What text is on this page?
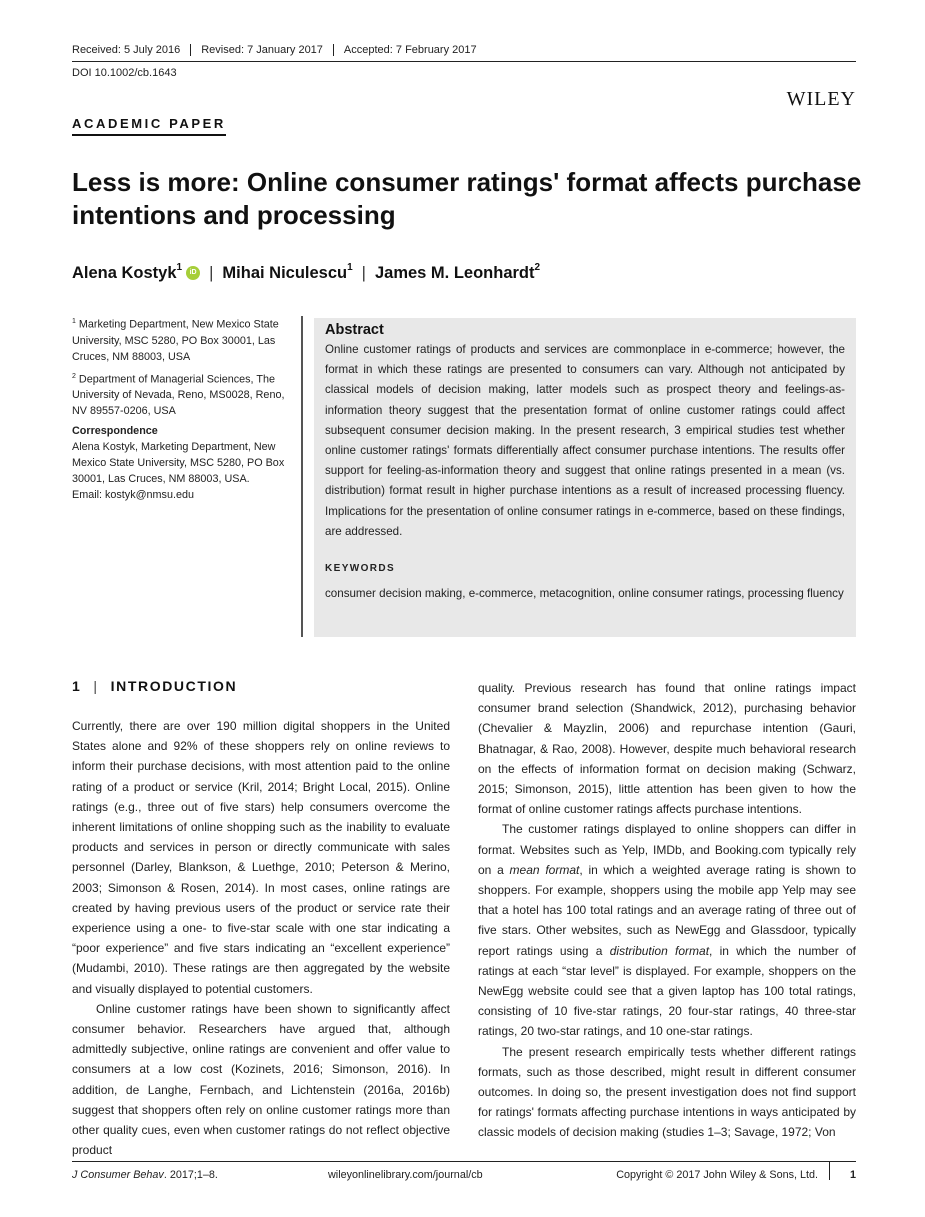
Received: 5 July 2016	Revised: 7 January 2017	Accepted: 7 February 2017
DOI 10.1002/cb.1643
WILEY
ACADEMIC PAPER
Less is more: Online consumer ratings' format affects purchase intentions and processing
Alena Kostyk$^1$	iD | Mihai Niculescu$^1$ | James M. Leonhardt$^2$

$^1$ Marketing Department, New Mexico State University, MSC 5280, PO Box 30001, Las Cruces, NM 88003, USA

$^2$ Department of Managerial Sciences, The University of Nevada, Reno, MS0028, Reno, NV 89557-0206, USA

Correspondence

Alena Kostyk, Marketing Department, New Mexico State University, MSC 5280, PO Box 30001, Las Cruces, NM 88003, USA.
Email: kostyk@nmsu.edu

Abstract
Online customer ratings of products and services are commonplace in e-commerce; however, the format in which these ratings are presented to consumers can vary. Although not anticipated by classical models of decision making, latter models such as prospect theory and feelings-as-information theory suggest that the presentation format of online customer ratings could affect subsequent consumer decision making. In the present research, 3 empirical studies test whether online customer ratings' formats differentially affect consumer purchase intentions. The results offer support for feeling-as-information theory and suggest that online ratings presented in a mean (vs. distribution) format result in higher purchase intentions as a result of increased processing fluency. Implications for the presentation of online consumer ratings in e-commerce, based on these findings, are addressed.
KEYWORDS
consumer decision making, e-commerce, metacognition, online consumer ratings, processing fluency
1 | INTRODUCTION

Currently, there are over 190 million digital shoppers in the United States alone and 92% of these shoppers rely on online reviews to inform their purchase decisions, with most attention paid to the online rating of a product or service (Kril, 2014; Bright Local, 2015). Online ratings (e.g., three out of five stars) help consumers overcome the inherent limitations of online shopping such as the inability to evaluate products and services in person or directly communicate with sales personnel (Darley, Blankson, & Luethge, 2010; Peterson & Merino, 2003; Simonson & Rosen, 2014). In most cases, online ratings are created by having previous users of the product or service rate their experience using a one- to five-star scale with one star indicating a “poor experience” and five stars indicating an “excellent experience” (Mudambi, 2010). These ratings are then aggregated by the website and visually displayed to potential customers.

Online customer ratings have been shown to significantly affect consumer behavior. Researchers have argued that, although admittedly subjective, online ratings are convenient and offer value to consumers at a low cost (Kozinets, 2016; Simonson, 2016). In addition, de Langhe, Fernbach, and Lichtenstein (2016a, 2016b) suggest that shoppers often rely on online customer ratings more than other quality cues, even when customer ratings do not reflect objective product

quality. Previous research has found that online ratings impact consumer brand selection (Shandwick, 2012), purchasing behavior (Chevalier & Mayzlin, 2006) and repurchase intention (Gauri, Bhatnagar, & Rao, 2008). However, despite much behavioral research on the effects of information format on decision making (Schwarz, 2015; Simonson, 2015), little attention has been given to how the format of online customer ratings affects purchase intentions.

The customer ratings displayed to online shoppers can differ in format. Websites such as Yelp, IMDb, and Booking.com typically rely on a mean format, in which a weighted average rating is shown to shoppers. For example, shoppers using the mobile app Yelp may see that a hotel has 100 total ratings and an average rating of three out of five stars. Other websites, such as NewEgg and Glassdoor, typically report ratings using a distribution format, in which the number of ratings at each “star level” is displayed. For example, shoppers on the NewEgg website could see that a given laptop has 100 total ratings, consisting of 10 five-star ratings, 20 four-star ratings, 40 three-star ratings, 20 two-star ratings, and 10 one-star ratings.

The present research empirically tests whether different ratings formats, such as those described, might result in different consumer outcomes. In doing so, the present investigation does not find support for ratings' formats affecting purchase intentions in ways anticipated by classic models of decision making (studies 1–3; Savage, 1972; Von

J Consumer Behav. 2017;1–8.	wileyonlinelibrary.com/journal/cb	Copyright © 2017 John Wiley & Sons, Ltd.	1
